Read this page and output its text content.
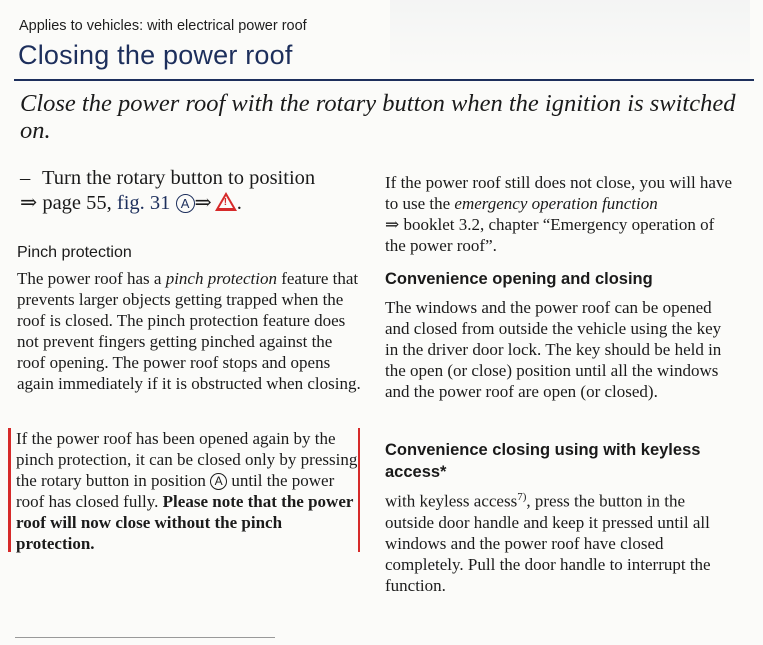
Applies to vehicles: with electrical power roof
Closing the power roof
Close the power roof with the rotary button when the ignition is switched on.
– Turn the rotary button to position
⇒ page 55, fig. 31 A ⇒ ! .
Pinch protection
The power roof has a pinch protection feature that prevents larger objects getting trapped when the roof is closed. The pinch protection feature does not prevent fingers getting pinched against the roof opening. The power roof stops and opens again immediately if it is obstructed when closing.
If the power roof has been opened again by the pinch protection, it can be closed only by pressing the rotary button in position A until the power roof has closed fully. Please note that the power roof will now close without the pinch protection.
If the power roof still does not close, you will have to use the emergency operation function
⇒ booklet 3.2, chapter “Emergency operation of the power roof”.
Convenience opening and closing
The windows and the power roof can be opened and closed from outside the vehicle using the key in the driver door lock. The key should be held in the open (or close) position until all the windows and the power roof are open (or closed).
Convenience closing using with keyless access*
with keyless access$^{7)}$, press the button in the outside door handle and keep it pressed until all windows and the power roof have closed completely. Pull the door handle to interrupt the function.
